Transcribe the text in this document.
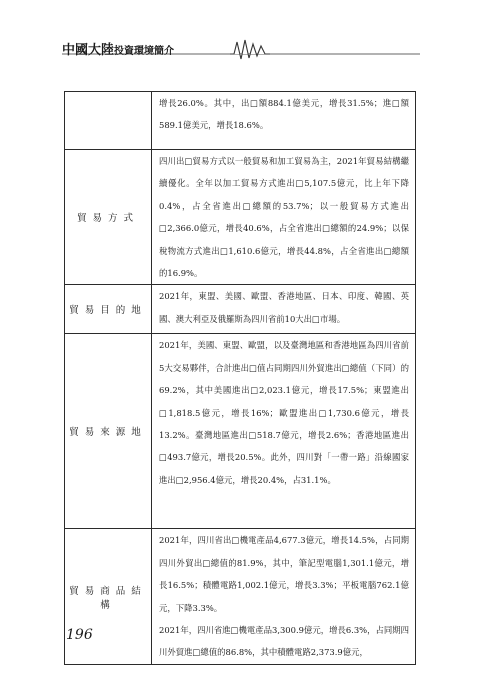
中國大陸投資環境簡介

	增長26.0%。其中，出□額884.1億美元，增長31.5%；進□額589.1億美元，增長18.6%。

貿易方式	四川出□貿易方式以一般貿易和加工貿易為主，2021年貿易結構繼續優化。全年以加工貿易方式進出□5,107.5億元，比上年下降0.4%，占全省進出□總額的53.7%；以一般貿易方式進出□2,366.0億元，增長40.6%，占全省進出□總額的24.9%；以保稅物流方式進出□1,610.6億元，增長44.8%，占全省進出□總額的16.9%。

貿易目的地	2021年，東盟、美國、歐盟、香港地區、日本、印度、韓國、英國、澳大利亞及俄羅斯為四川省前10大出□市場。

貿易來源地	2021年，美國、東盟、歐盟，以及臺灣地區和香港地區為四川省前5大交易夥伴，合計進出□值占同期四川外貿進出□總值（下同）的69.2%，其中美國進出□2,023.1億元，增長17.5%；東盟進出□1,818.5億元，增長16%；歐盟進出□1,730.6億元，增長13.2%。臺灣地區進出□518.7億元，增長2.6%；香港地區進出□493.7億元，增長20.5%。此外，四川對「一帶一路」沿線國家進出□2,956.4億元，增長20.4%，占31.1%。

貿易商品結構	2021年，四川省出□機電產品4,677.3億元，增長14.5%，占同期四川外貿出□總值的81.9%，其中，筆記型電腦1,301.1億元，增長16.5%；積體電路1,002.1億元，增長3.3%；平板電腦762.1億元，下降3.3%。

2021年，四川省進□機電產品3,300.9億元，增長6.3%，占同期四川外貿進□總值的86.8%，其中積體電路2,373.9億元，

196
